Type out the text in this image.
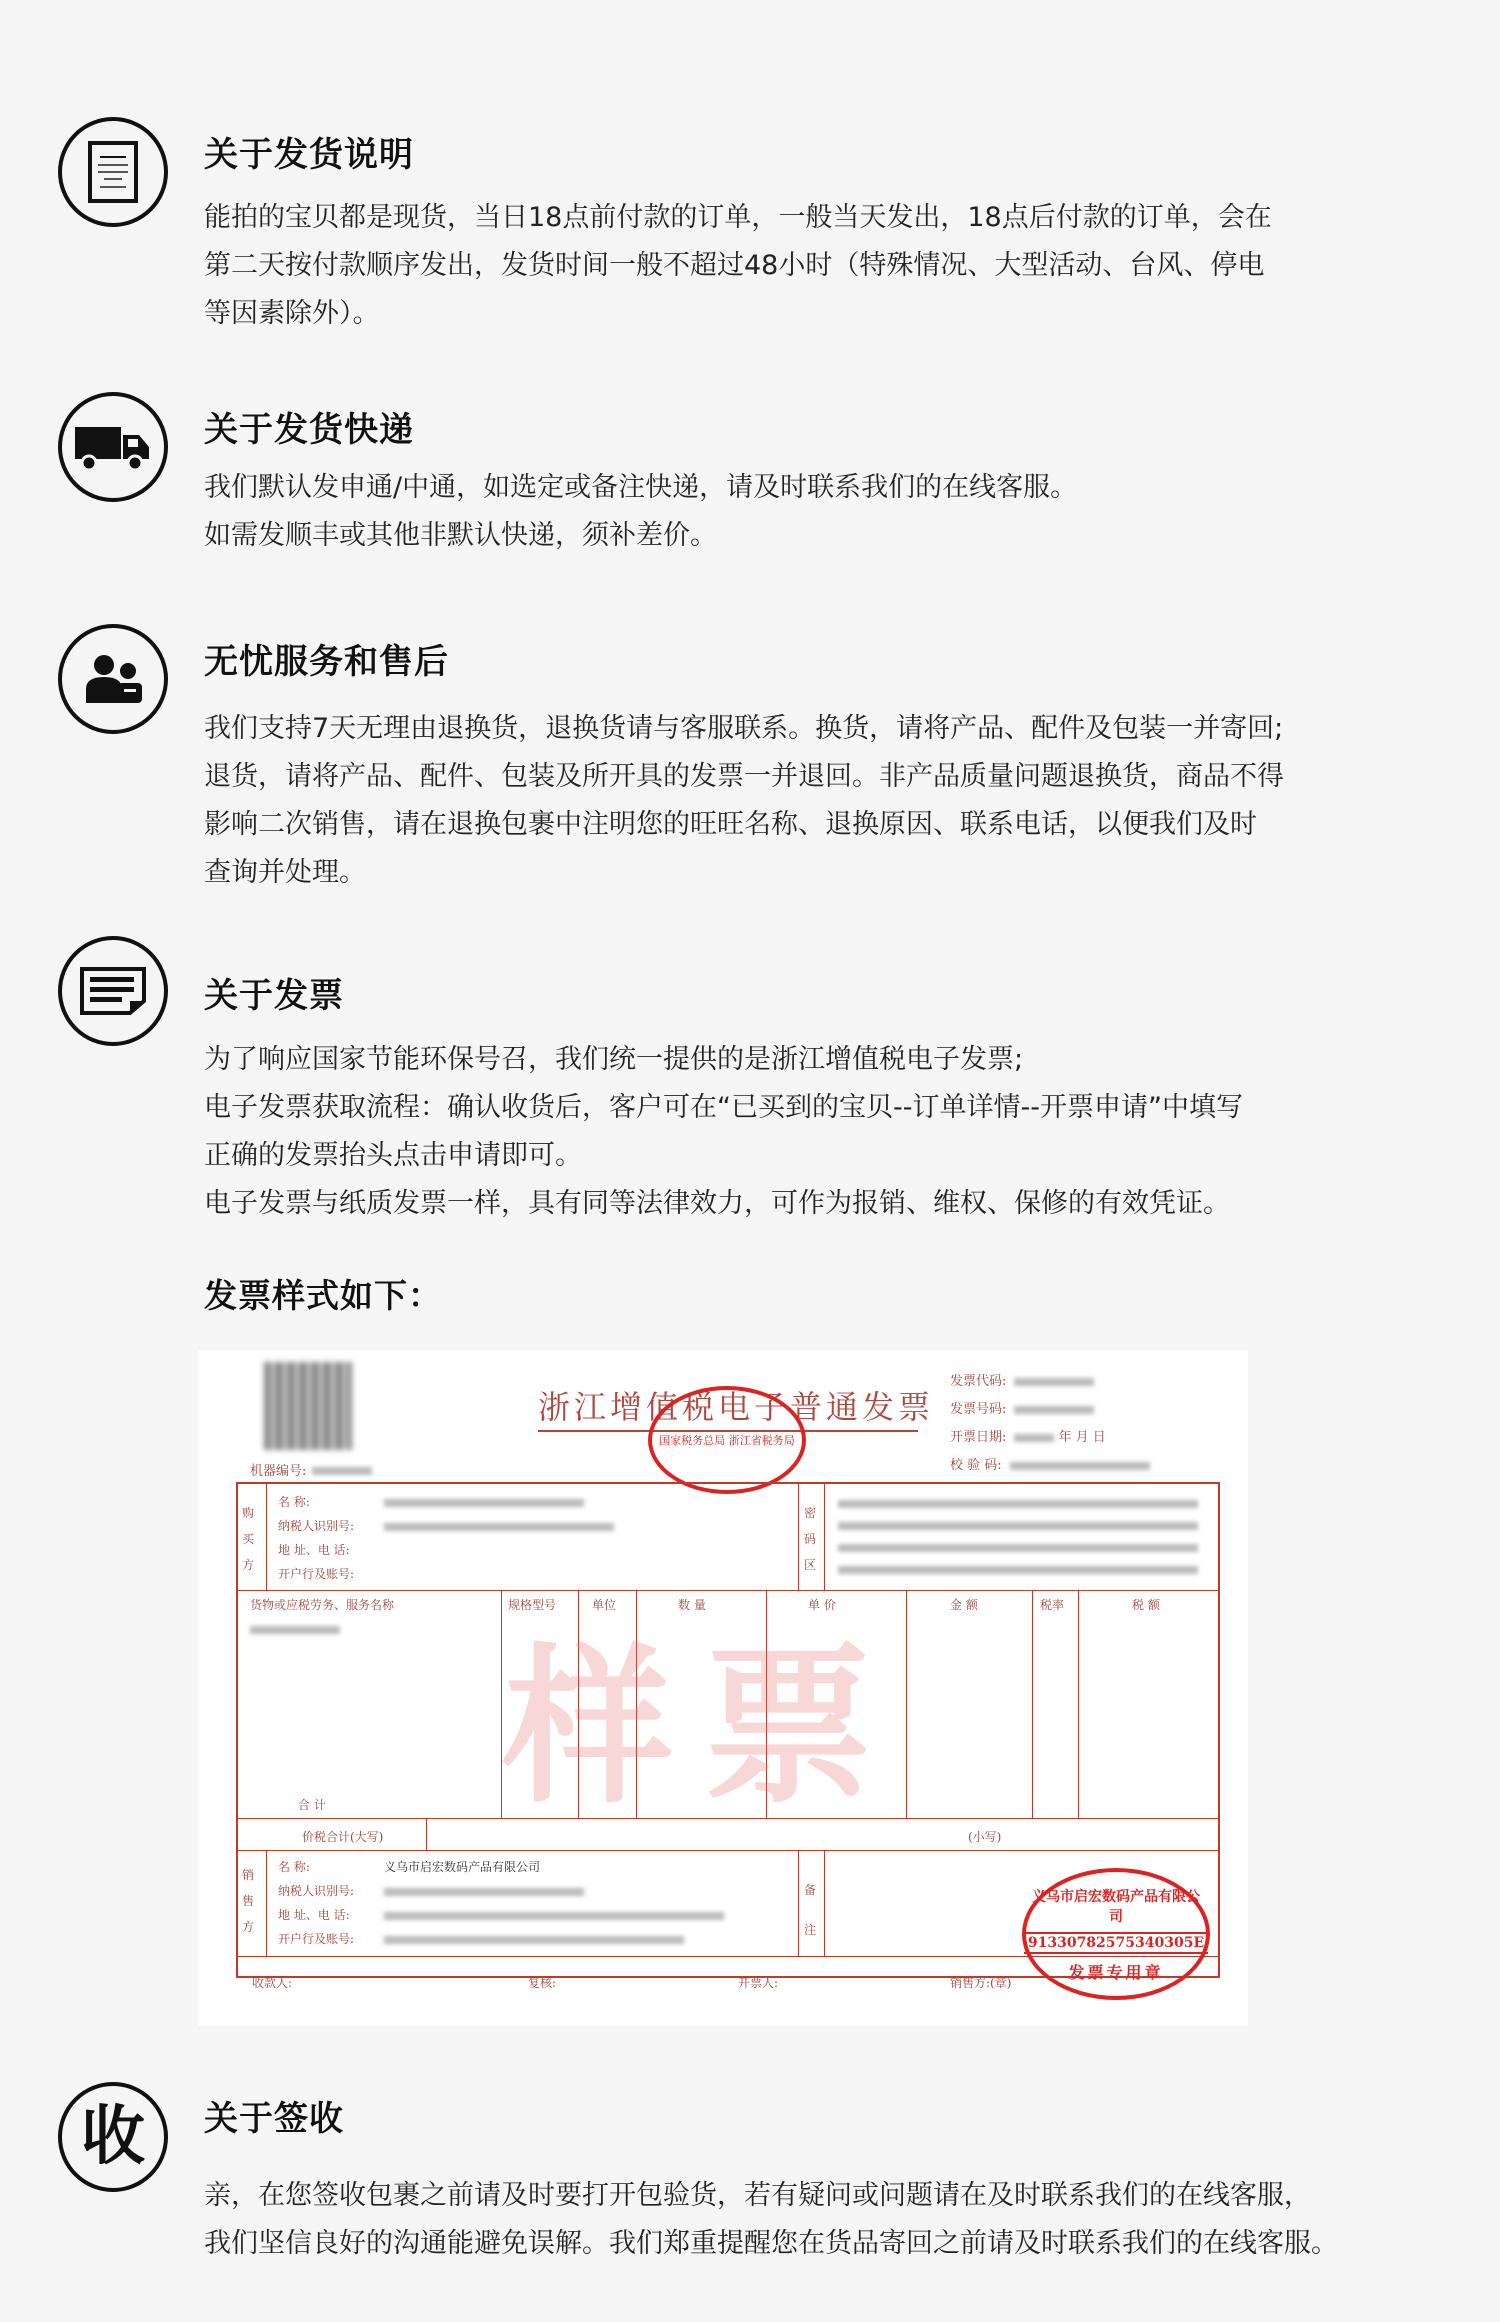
关于发货说明

能拍的宝贝都是现货，当日18点前付款的订单，一般当天发出，18点后付款的订单，会在

第二天按付款顺序发出，发货时间一般不超过48小时（特殊情况、大型活动、台风、停电

等因素除外）。

关于发货快递

我们默认发申通/中通，如选定或备注快递，请及时联系我们的在线客服。

如需发顺丰或其他非默认快递，须补差价。

无忧服务和售后

我们支持7天无理由退换货，退换货请与客服联系。换货，请将产品、配件及包装一并寄回;

退货，请将产品、配件、包装及所开具的发票一并退回。非产品质量问题退换货，商品不得

影响二次销售，请在退换包裹中注明您的旺旺名称、退换原因、联系电话，以便我们及时

查询并处理。

关于发票

为了响应国家节能环保号召，我们统一提供的是浙江增值税电子发票;

电子发票获取流程：确认收货后，客户可在“已买到的宝贝--订单详情--开票申请”中填写

正确的发票抬头点击申请即可。

电子发票与纸质发票一样，具有同等法律效力，可作为报销、维权、保修的有效凭证。

发票样式如下：
浙江增值税电子普通发票
国家税务总局 浙江省税务局
发票代码:
发票号码:
开票日期:	年 月 日
校 验 码:
机器编号:
购买方
名 称:
纳税人识别号:
地 址、电 话:
开户行及账号:
密码区
货物或应税劳务、服务名称	规格型号	单位	数 量	单 价	金 额	税率	税 额
样票
合 计
价税合计(大写)	(小写)
销售方
名 称:	义乌市启宏数码产品有限公司
纳税人识别号:
地 址、电 话:
开户行及账号:
备注
收款人:	复核:	开票人:	销售方:(章)
义乌市启宏数码产品有限公司
91330782575340305E
发票专用章
收 关于签收

亲，在您签收包裹之前请及时要打开包验货，若有疑问或问题请在及时联系我们的在线客服，

我们坚信良好的沟通能避免误解。我们郑重提醒您在货品寄回之前请及时联系我们的在线客服。
